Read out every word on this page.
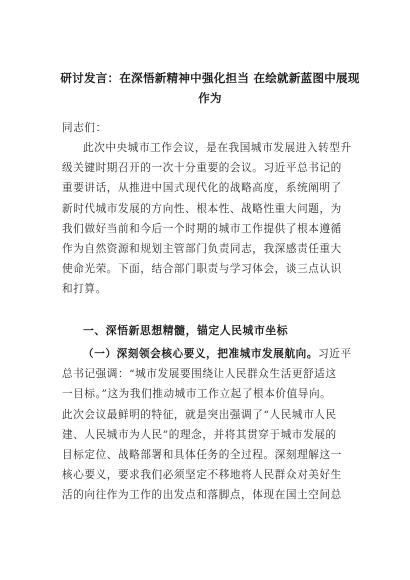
研讨发言：在深悟新精神中强化担当 在绘就新蓝图中展现
作为
同志们：
此次中央城市工作会议，是在我国城市发展进入转型升
级关键时期召开的一次十分重要的会议。习近平总书记的
重要讲话，从推进中国式现代化的战略高度，系统阐明了
新时代城市发展的方向性、根本性、战略性重大问题，为
我们做好当前和今后一个时期的城市工作提供了根本遵循
作为自然资源和规划主管部门负责同志，我深感责任重大
使命光荣。下面，结合部门职责与学习体会，谈三点认识
和打算。
一、深悟新思想精髓，锚定人民城市坐标
（一）深刻领会核心要义，把准城市发展航向。习近平
总书记强调：“城市发展要围绕让人民群众生活更舒适这
一目标。”这为我们推动城市工作立起了根本价值导向。
此次会议最鲜明的特征，就是突出强调了“人民城市人民
建、人民城市为人民”的理念，并将其贯穿于城市发展的
目标定位、战略部署和具体任务的全过程。深刻理解这一
核心要义，要求我们必须坚定不移地将人民群众对美好生
活的向往作为工作的出发点和落脚点，体现在国土空间总
